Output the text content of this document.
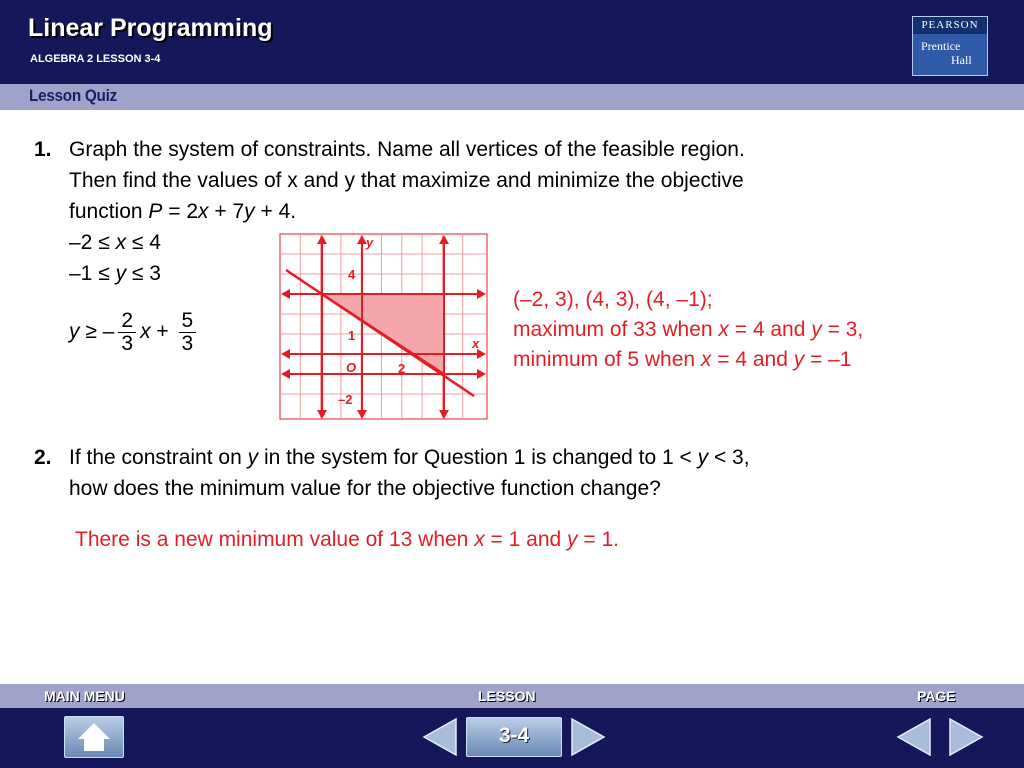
Linear Programming
ALGEBRA 2 LESSON 3-4
PEARSON
Prentice
Hall
Lesson Quiz
1. Graph the system of constraints. Name all vertices of the feasible region.
Then find the values of x and y that maximize and minimize the objective
function P = 2x + 7y + 4.
–2 ≤ x ≤ 4
–1 ≤ y ≤ 3
y ≥ – $\frac{2}{3}$ $x + \frac{5}{3}$
y
x
O
4
1
2
–2
(–2, 3), (4, 3), (4, –1);
maximum of 33 when x = 4 and y = 3,
minimum of 5 when x = 4 and y = –1
2. If the constraint on y in the system for Question 1 is changed to 1 < y < 3,
how does the minimum value for the objective function change?
There is a new minimum value of 13 when x = 1 and y = 1.
MAIN MENU	LESSON	PAGE
3-4
